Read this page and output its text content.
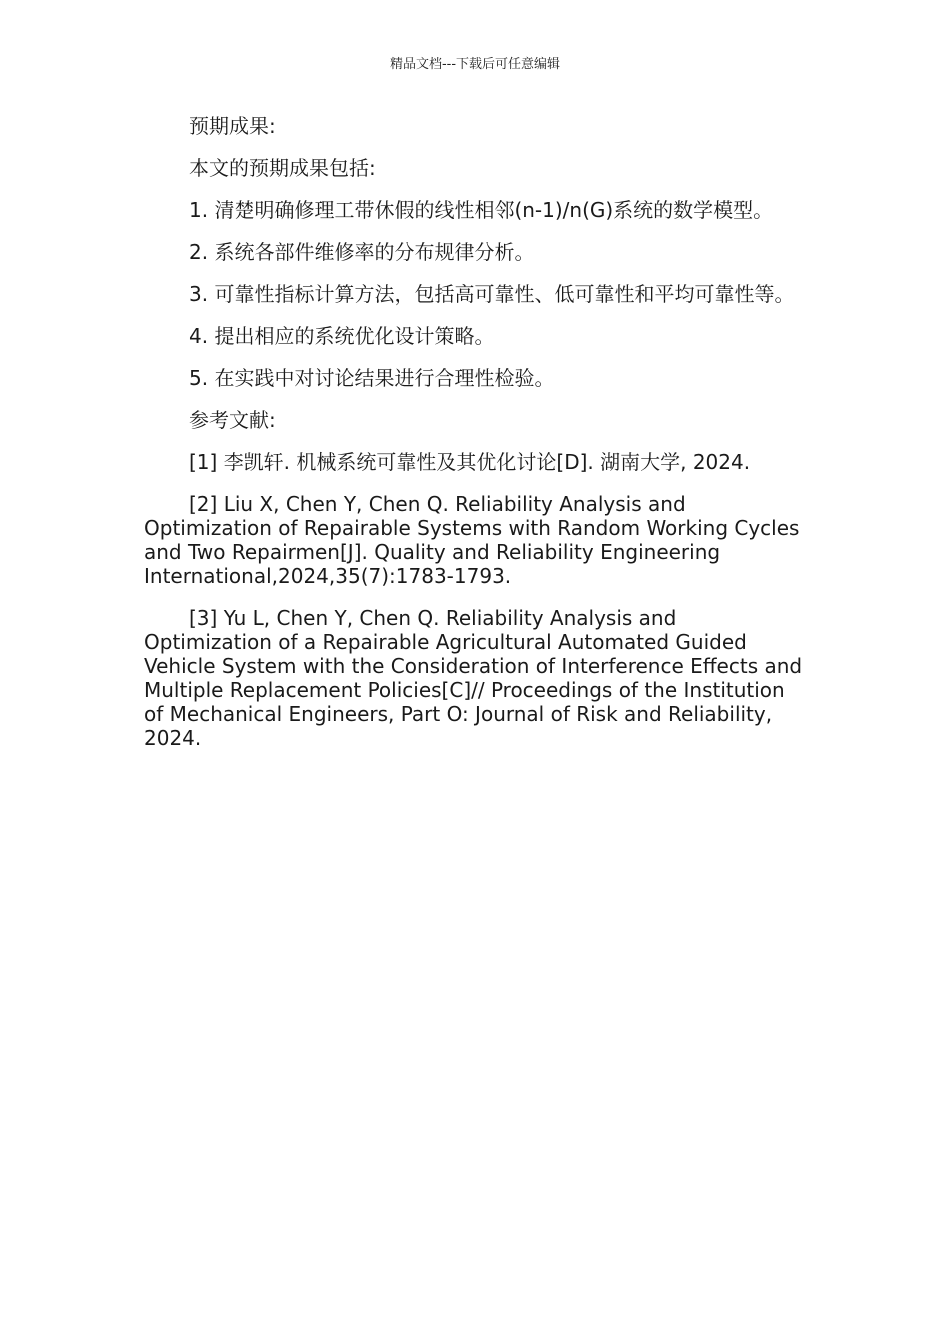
精品文档---下载后可任意编辑

预期成果:

本文的预期成果包括:

1. 清楚明确修理工带休假的线性相邻(n-1)/n(G)系统的数学模型。

2. 系统各部件维修率的分布规律分析。

3. 可靠性指标计算方法，包括高可靠性、低可靠性和平均可靠性等。

4. 提出相应的系统优化设计策略。

5. 在实践中对讨论结果进行合理性检验。

参考文献:

[1] 李凯轩. 机械系统可靠性及其优化讨论[D]. 湖南大学, 2024.

[2] Liu X, Chen Y, Chen Q. Reliability Analysis and Optimization of Repairable Systems with Random Working Cycles and Two Repairmen[J]. Quality and Reliability Engineering International,2024,35(7):1783-1793.

[3] Yu L, Chen Y, Chen Q. Reliability Analysis and Optimization of a Repairable Agricultural Automated Guided Vehicle System with the Consideration of Interference Effects and Multiple Replacement Policies[C]// Proceedings of the Institution of Mechanical Engineers, Part O: Journal of Risk and Reliability, 2024.
